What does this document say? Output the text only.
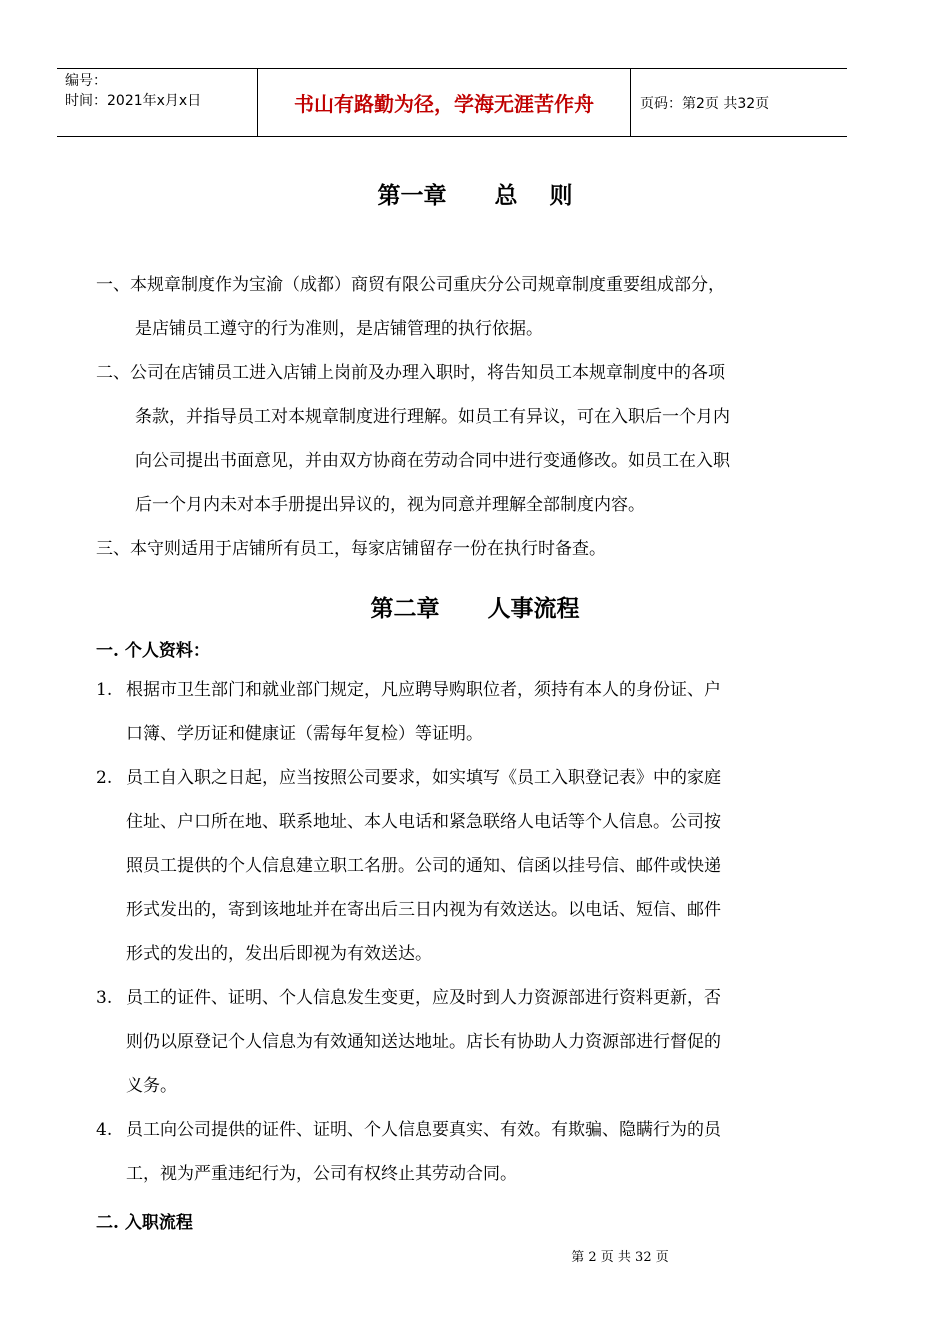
编号：
时间：2021年x月x日	书山有路勤为径，学海无涯苦作舟	页码：第2页 共32页
第一章      总    则
一、本规章制度作为宝渝（成都）商贸有限公司重庆分公司规章制度重要组成部分，
是店铺员工遵守的行为准则，是店铺管理的执行依据。
二、公司在店铺员工进入店铺上岗前及办理入职时，将告知员工本规章制度中的各项
条款，并指导员工对本规章制度进行理解。如员工有异议，可在入职后一个月内
向公司提出书面意见，并由双方协商在劳动合同中进行变通修改。如员工在入职
后一个月内未对本手册提出异议的，视为同意并理解全部制度内容。
三、本守则适用于店铺所有员工，每家店铺留存一份在执行时备查。
第二章      人事流程
一. 个人资料：
1. 根据市卫生部门和就业部门规定，凡应聘导购职位者，须持有本人的身份证、户
口簿、学历证和健康证（需每年复检）等证明。
2. 员工自入职之日起，应当按照公司要求，如实填写《员工入职登记表》中的家庭
住址、户口所在地、联系地址、本人电话和紧急联络人电话等个人信息。公司按
照员工提供的个人信息建立职工名册。公司的通知、信函以挂号信、邮件或快递
形式发出的，寄到该地址并在寄出后三日内视为有效送达。以电话、短信、邮件
形式的发出的，发出后即视为有效送达。
3. 员工的证件、证明、个人信息发生变更，应及时到人力资源部进行资料更新，否
则仍以原登记个人信息为有效通知送达地址。店长有协助人力资源部进行督促的
义务。
4. 员工向公司提供的证件、证明、个人信息要真实、有效。有欺骗、隐瞒行为的员
工，视为严重违纪行为，公司有权终止其劳动合同。
二. 入职流程
第 2 页 共 32 页
